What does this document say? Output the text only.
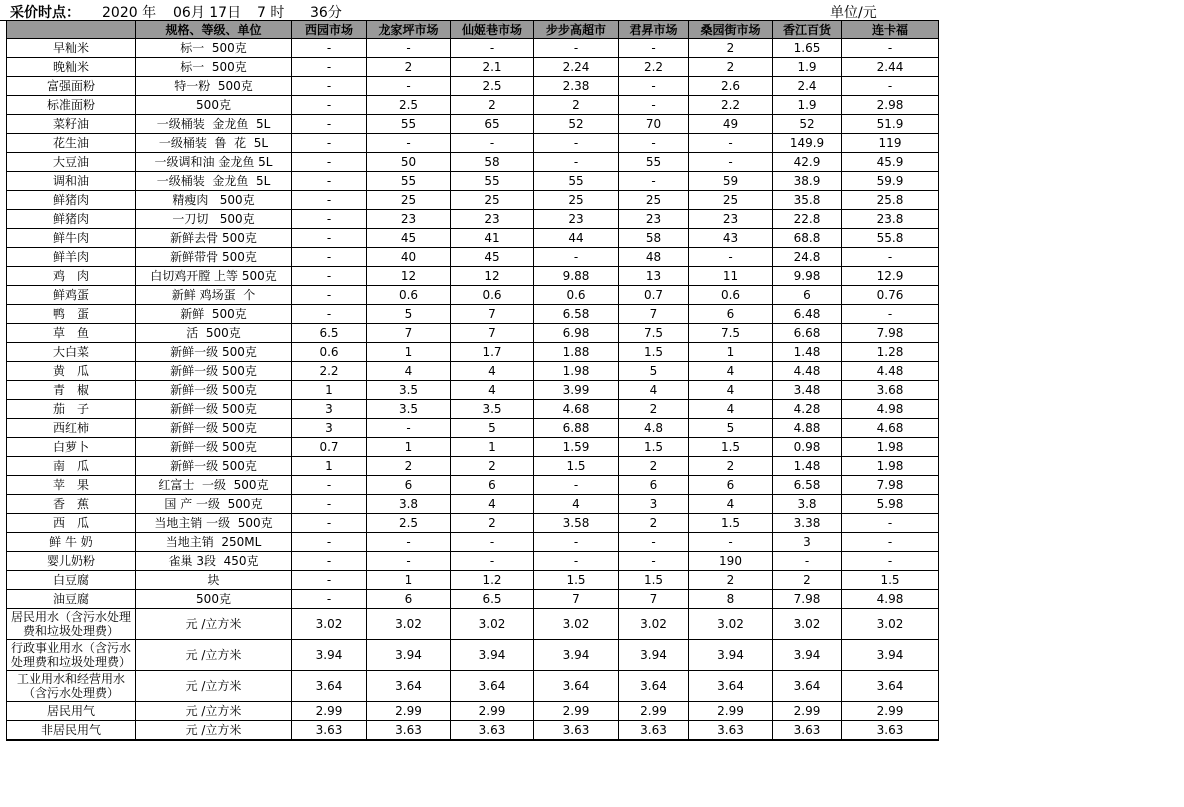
采价时点： 2020 年 06月 17日 7 时 36分	单位/元
	规格、等级、单位	西园市场	龙家坪市场	仙姬巷市场	步步高超市	君昇市场	桑园街市场	香江百货	连卡福
早籼米	标一  500克	-	-	-	-	-	2	1.65	-
晚籼米	标一  500克	-	2	2.1	2.24	2.2	2	1.9	2.44
富强面粉	特一粉  500克	-	-	2.5	2.38	-	2.6	2.4	-
标准面粉	500克	-	2.5	2	2	-	2.2	1.9	2.98
菜籽油	一级桶装  金龙鱼  5L	-	55	65	52	70	49	52	51.9
花生油	一级桶装  鲁  花  5L	-	-	-	-	-	-	149.9	119
大豆油	一级调和油 金龙鱼 5L	-	50	58	-	55	-	42.9	45.9
调和油	一级桶装  金龙鱼  5L	-	55	55	55	-	59	38.9	59.9
鲜猪肉	精瘦肉   500克	-	25	25	25	25	25	35.8	25.8
鲜猪肉	一刀切   500克	-	23	23	23	23	23	22.8	23.8
鲜牛肉	新鲜去骨 500克	-	45	41	44	58	43	68.8	55.8
鲜羊肉	新鲜带骨 500克	-	40	45	-	48	-	24.8	-
鸡　肉	白切鸡开膛 上等 500克	-	12	12	9.88	13	11	9.98	12.9
鲜鸡蛋	新鲜 鸡场蛋  个	-	0.6	0.6	0.6	0.7	0.6	6	0.76
鸭　蛋	新鲜  500克	-	5	7	6.58	7	6	6.48	-
草　鱼	活  500克	6.5	7	7	6.98	7.5	7.5	6.68	7.98
大白菜	新鲜一级 500克	0.6	1	1.7	1.88	1.5	1	1.48	1.28
黄　瓜	新鲜一级 500克	2.2	4	4	1.98	5	4	4.48	4.48
青　椒	新鲜一级 500克	1	3.5	4	3.99	4	4	3.48	3.68
茄　子	新鲜一级 500克	3	3.5	3.5	4.68	2	4	4.28	4.98
西红柿	新鲜一级 500克	3	-	5	6.88	4.8	5	4.88	4.68
白萝卜	新鲜一级 500克	0.7	1	1	1.59	1.5	1.5	0.98	1.98
南　瓜	新鲜一级 500克	1	2	2	1.5	2	2	1.48	1.98
苹　果	红富士  一级  500克	-	6	6	-	6	6	6.58	7.98
香　蕉	国 产 一级  500克	-	3.8	4	4	3	4	3.8	5.98
西　瓜	当地主销 一级  500克	-	2.5	2	3.58	2	1.5	3.38	-
鲜 牛 奶	当地主销  250ML	-	-	-	-	-	-	3	-
婴儿奶粉	雀巢 3段  450克	-	-	-	-	-	190	-	-
白豆腐	块	-	1	1.2	1.5	1.5	2	2	1.5
油豆腐	500克	-	6	6.5	7	7	8	7.98	4.98
居民用水（含污水处理费和垃圾处理费）	元 /立方米	3.02	3.02	3.02	3.02	3.02	3.02	3.02	3.02
行政事业用水（含污水处理费和垃圾处理费）	元 /立方米	3.94	3.94	3.94	3.94	3.94	3.94	3.94	3.94
工业用水和经营用水（含污水处理费）	元 /立方米	3.64	3.64	3.64	3.64	3.64	3.64	3.64	3.64
居民用气	元 /立方米	2.99	2.99	2.99	2.99	2.99	2.99	2.99	2.99
非居民用气	元 /立方米	3.63	3.63	3.63	3.63	3.63	3.63	3.63	3.63
